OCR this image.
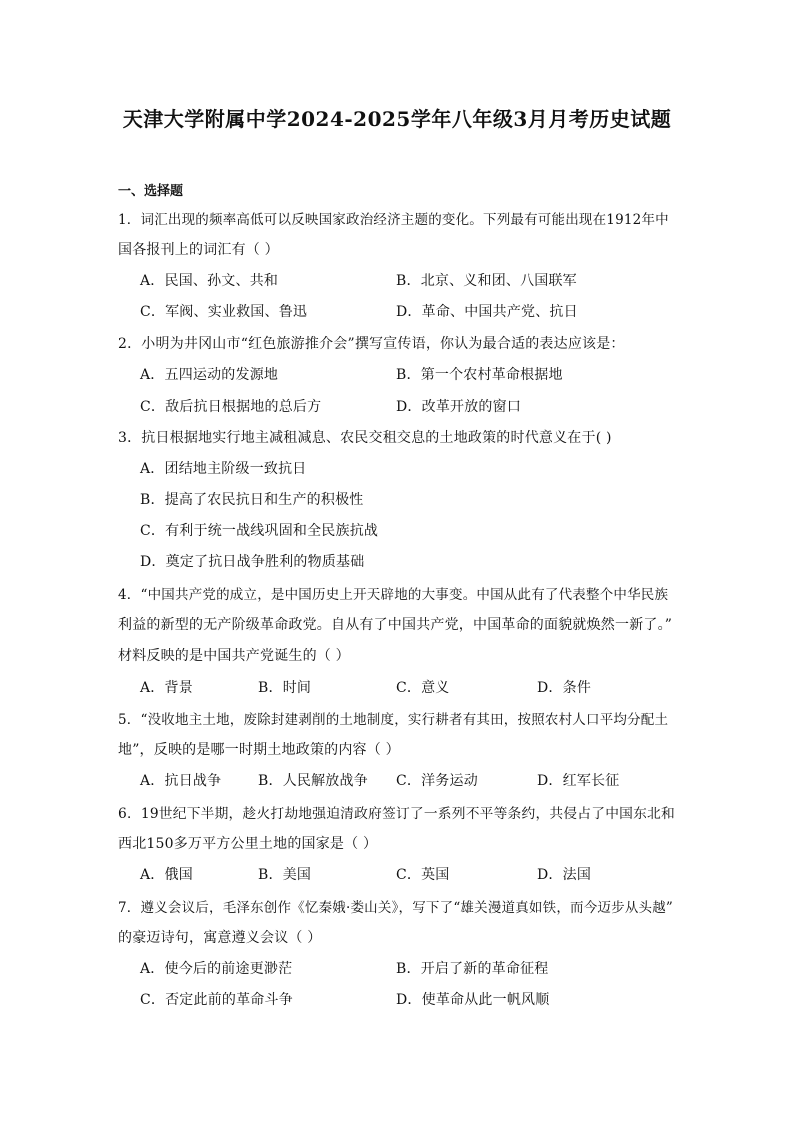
天津大学附属中学2024-2025学年八年级3月月考历史试题
一、选择题
1．词汇出现的频率高低可以反映国家政治经济主题的变化。下列最有可能出现在1912年中
国各报刊上的词汇有（ ）
A．民国、孙文、共和	B．北京、义和团、八国联军
C．军阀、实业救国、鲁迅	D．革命、中国共产党、抗日
2．小明为井冈山市“红色旅游推介会”撰写宣传语，你认为最合适的表达应该是：
A．五四运动的发源地	B．第一个农村革命根据地
C．敌后抗日根据地的总后方	D．改革开放的窗口
3．抗日根据地实行地主减租减息、农民交租交息的土地政策的时代意义在于( )
A．团结地主阶级一致抗日
B．提高了农民抗日和生产的积极性
C．有利于统一战线巩固和全民族抗战
D．奠定了抗日战争胜利的物质基础
4．“中国共产党的成立，是中国历史上开天辟地的大事变。中国从此有了代表整个中华民族
利益的新型的无产阶级革命政党。自从有了中国共产党，中国革命的面貌就焕然一新了。”
材料反映的是中国共产党诞生的（ ）
A．背景	B．时间	C．意义	D．条件
5．“没收地主土地，废除封建剥削的土地制度，实行耕者有其田，按照农村人口平均分配土
地”，反映的是哪一时期土地政策的内容（ ）
A．抗日战争	B．人民解放战争 C．洋务运动	D．红军长征
6．19世纪下半期，趁火打劫地强迫清政府签订了一系列不平等条约，共侵占了中国东北和
西北150多万平方公里土地的国家是（ ）
A．俄国	B．美国	C．英国	D．法国
7．遵义会议后，毛泽东创作《忆秦娥·娄山关》，写下了“雄关漫道真如铁，而今迈步从头越”
的豪迈诗句，寓意遵义会议（ ）
A．使今后的前途更渺茫	B．开启了新的革命征程
C．否定此前的革命斗争	D．使革命从此一帆风顺
